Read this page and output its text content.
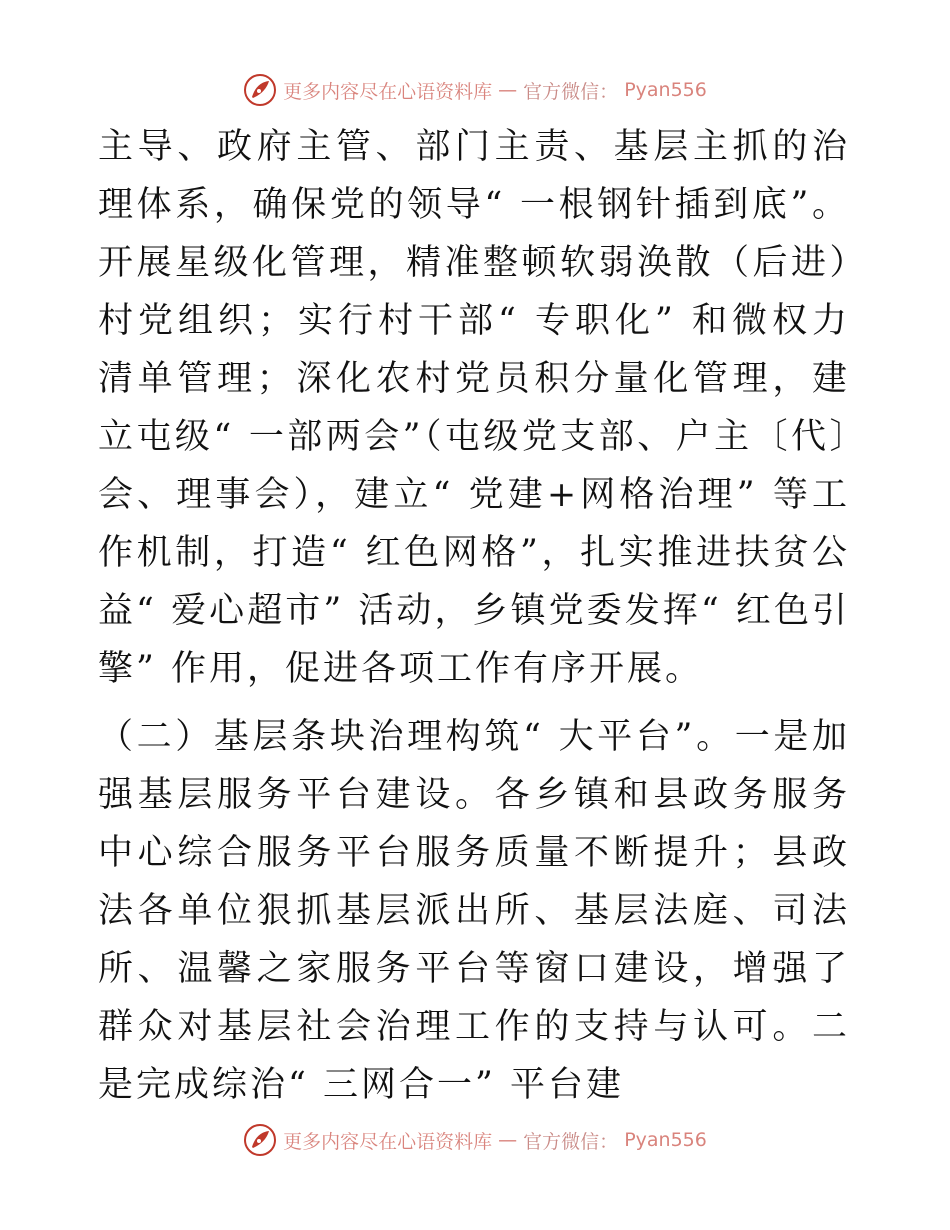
更多内容尽在心语资料库 — 官方微信： Pyan556

主导、政府主管、部门主责、基层主抓的治理体系，确保党的领导“ 一根钢针插到底”。开展星级化管理，精准整顿软弱涣散（后进）村党组织；实行村干部“ 专职化” 和微权力清单管理；深化农村党员积分量化管理，建立屯级“ 一部两会”（屯级党支部、户主〔代〕会、理事会），建立“ 党建+网格治理” 等工作机制，打造“ 红色网格”，扎实推进扶贫公益“ 爱心超市” 活动，乡镇党委发挥“ 红色引擎” 作用，促进各项工作有序开展。

（二）基层条块治理构筑“ 大平台”。一是加强基层服务平台建设。各乡镇和县政务服务中心综合服务平台服务质量不断提升；县政法各单位狠抓基层派出所、基层法庭、司法所、温馨之家服务平台等窗口建设，增强了群众对基层社会治理工作的支持与认可。二是完成综治“ 三网合一” 平台建

更多内容尽在心语资料库 — 官方微信： Pyan556
